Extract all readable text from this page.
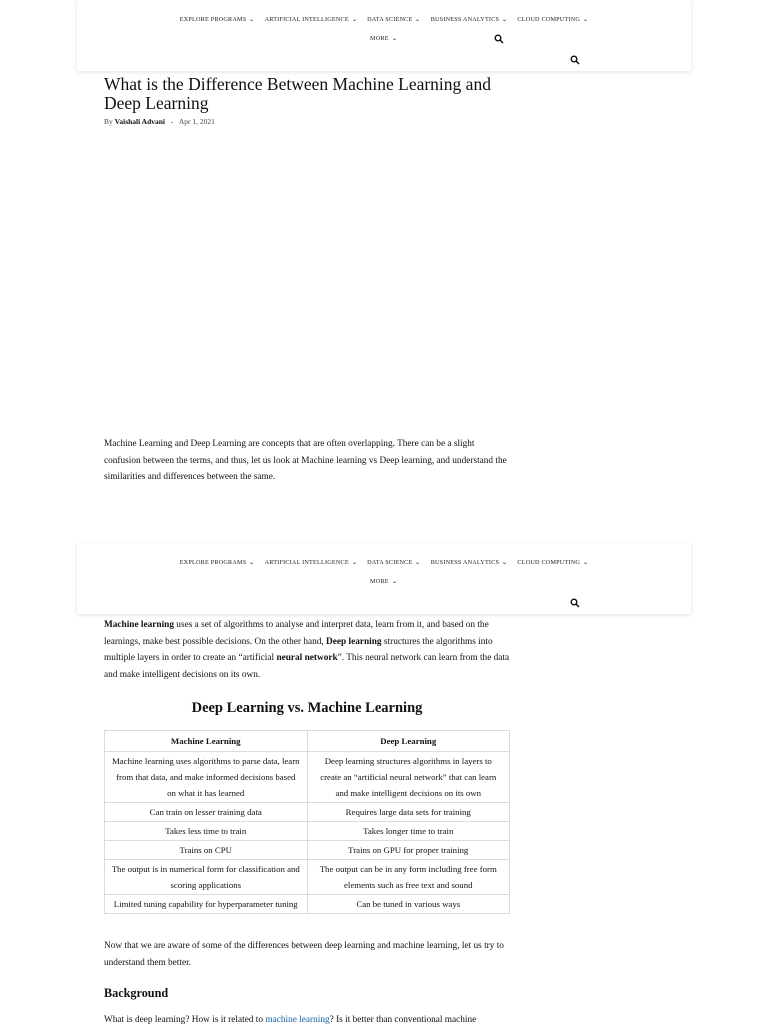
EXPLORE PROGRAMS ⌄ ARTIFICIAL INTELLIGENCE ⌄ DATA SCIENCE ⌄ BUSINESS ANALYTICS ⌄ CLOUD COMPUTING ⌄
MORE ⌄
What is the Difference Between Machine Learning and Deep Learning
By Vaishali Advani - Apr 1, 2021

Machine Learning and Deep Learning are concepts that are often overlapping. There can be a slight confusion between the terms, and thus, let us look at Machine learning vs Deep learning, and understand the similarities and differences between the same.

EXPLORE PROGRAMS ⌄ ARTIFICIAL INTELLIGENCE ⌄ DATA SCIENCE ⌄ BUSINESS ANALYTICS ⌄ CLOUD COMPUTING ⌄
MORE ⌄

Machine learning uses a set of algorithms to analyse and interpret data, learn from it, and based on the learnings, make best possible decisions. On the other hand, Deep learning structures the algorithms into multiple layers in order to create an “artificial neural network”. This neural network can learn from the data and make intelligent decisions on its own.

Deep Learning vs. Machine Learning
Machine Learning	Deep Learning
Machine learning uses algorithms to parse data, learn from that data, and make informed decisions based on what it has learned	Deep learning structures algorithms in layers to create an “artificial neural network” that can learn and make intelligent decisions on its own
Can train on lesser training data	Requires large data sets for training
Takes less time to train	Takes longer time to train
Trains on CPU	Trains on GPU for proper training
The output is in numerical form for classification and scoring applications	The output can be in any form including free form elements such as free text and sound
Limited tuning capability for hyperparameter tuning	Can be tuned in various ways

Now that we are aware of some of the differences between deep learning and machine learning, let us try to understand them better.

Background

What is deep learning? How is it related to machine learning? Is it better than conventional machine
